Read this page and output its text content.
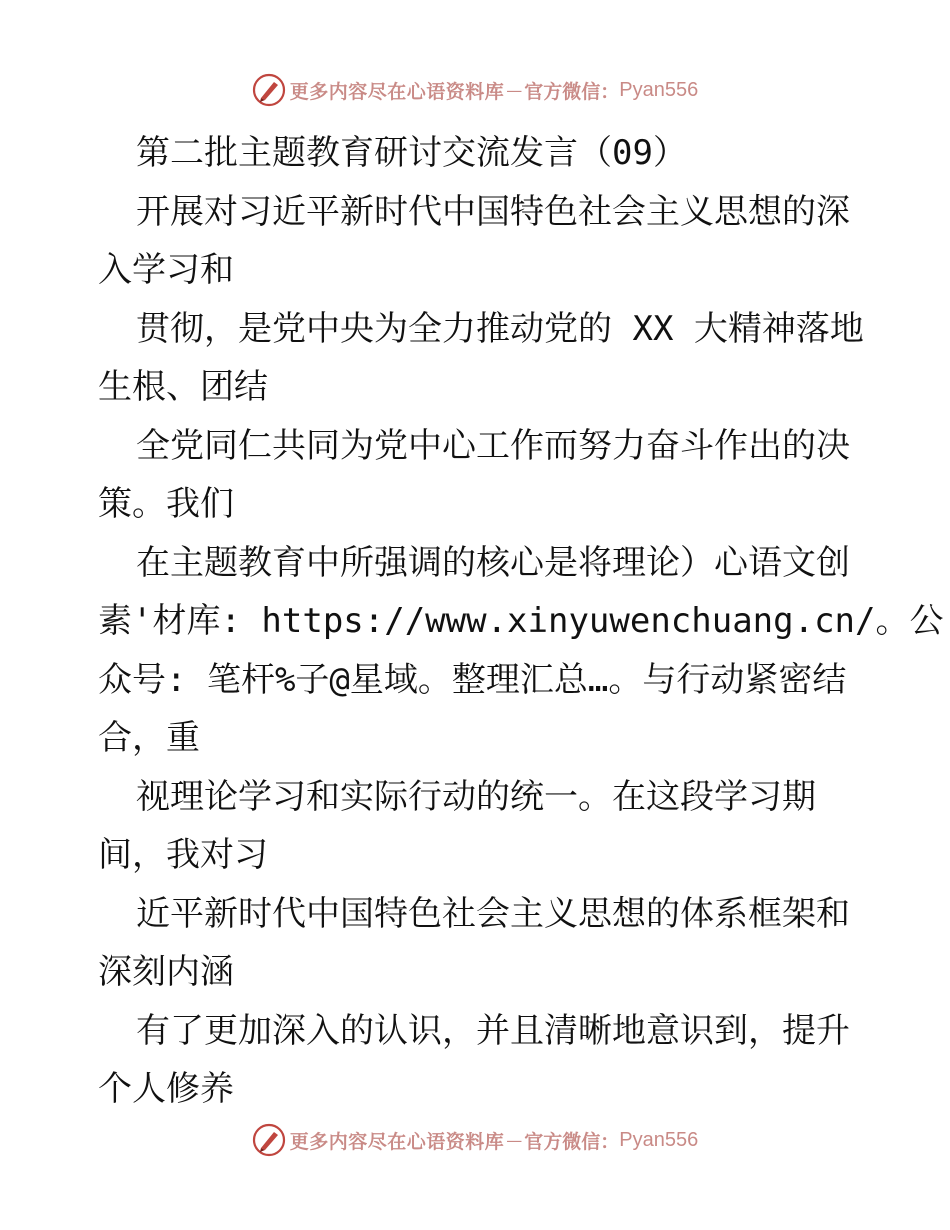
更多内容尽在心语资料库 — 官方微信： Pyan556
第二批主题教育研讨交流发言（09）
开展对习近平新时代中国特色社会主义思想的深
入学习和
贯彻，是党中央为全力推动党的 XX 大精神落地
生根、团结
全党同仁共同为党中心工作而努力奋斗作出的决
策。我们
在主题教育中所强调的核心是将理论）心语文创
素'材库: https://www.xinyuwenchuang.cn/。公
众号: 笔杆%子@星域。整理汇总…。与行动紧密结
合，重
视理论学习和实际行动的统一。在这段学习期
间，我对习
近平新时代中国特色社会主义思想的体系框架和
深刻内涵
有了更加深入的认识，并且清晰地意识到，提升
个人修养
更多内容尽在心语资料库 — 官方微信： Pyan556
